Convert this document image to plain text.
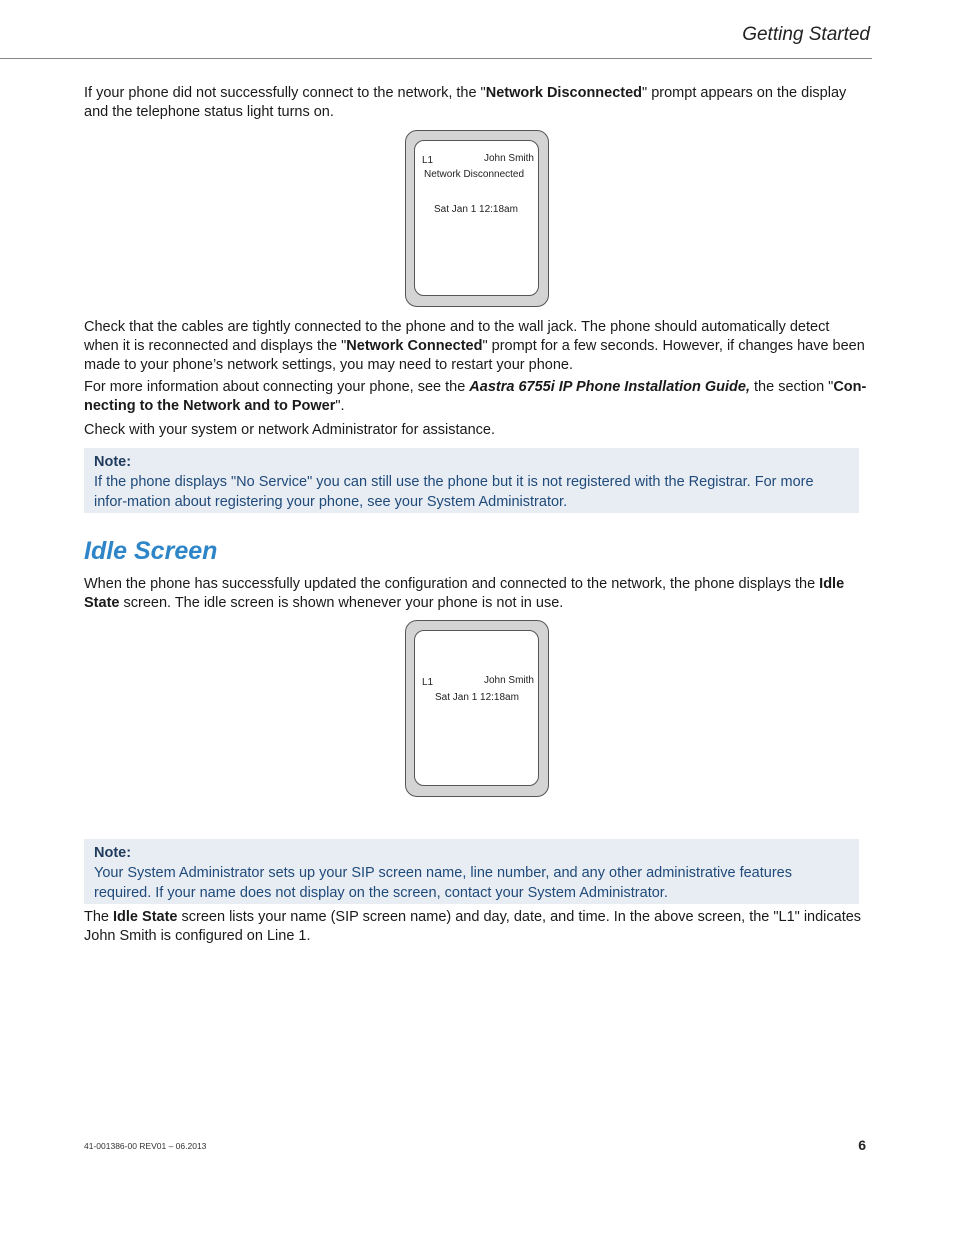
Getting Started

If your phone did not successfully connect to the network, the "Network Disconnected" prompt appears on the display and the telephone status light turns on.

L1	John Smith
Network Disconnected
Sat Jan 1 12:18am

Check that the cables are tightly connected to the phone and to the wall jack. The phone should automatically detect when it is reconnected and displays the "Network Connected" prompt for a few seconds. However, if changes have been made to your phone’s network settings, you may need to restart your phone.

For more information about connecting your phone, see the Aastra 6755i IP Phone Installation Guide, the section "Con-necting to the Network and to Power".

Check with your system or network Administrator for assistance.

Note:
If the phone displays "No Service" you can still use the phone but it is not registered with the Registrar. For more infor-mation about registering your phone, see your System Administrator.
Idle Screen

When the phone has successfully updated the configuration and connected to the network, the phone displays the Idle State screen. The idle screen is shown whenever your phone is not in use.

L1	John Smith
Sat Jan 1 12:18am
Note:
Your System Administrator sets up your SIP screen name, line number, and any other administrative features required. If your name does not display on the screen, contact your System Administrator.

The Idle State screen lists your name (SIP screen name) and day, date, and time. In the above screen, the "L1" indicates John Smith is configured on Line 1.

41-001386-00 REV01 – 06.2013	6
